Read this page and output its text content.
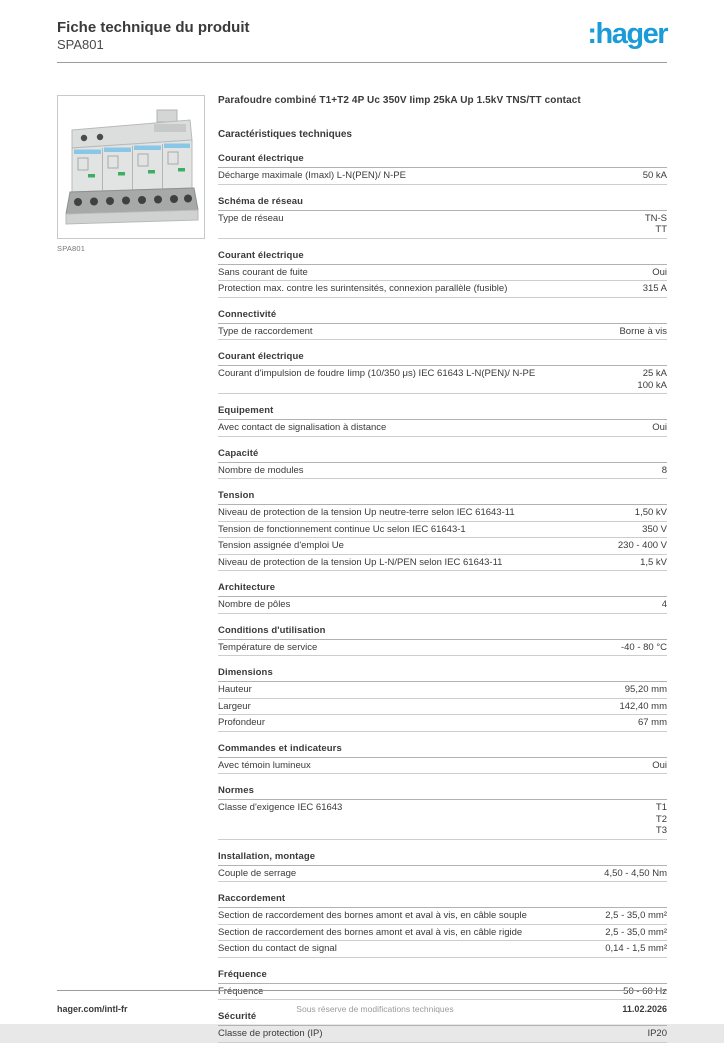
Fiche technique du produit
SPA801	:hager
SPA801
Parafoudre combiné T1+T2 4P Uc 350V Iimp 25kA Up 1.5kV TNS/TT contact
Caractéristiques techniques
Courant électrique
Décharge maximale (Imaxl) L-N(PEN)/ N-PE	50 kA
Schéma de réseau
Type de réseau	TN-S
TT
Courant électrique
Sans courant de fuite	Oui
Protection max. contre les surintensités, connexion parallèle (fusible)	315 A
Connectivité
Type de raccordement	Borne à vis
Courant électrique
Courant d'impulsion de foudre Iimp (10/350 μs) IEC 61643 L-N(PEN)/ N-PE	25 kA
100 kA
Equipement
Avec contact de signalisation à distance	Oui
Capacité
Nombre de modules	8
Tension
Niveau de protection de la tension Up neutre-terre selon IEC 61643-11	1,50 kV
Tension de fonctionnement continue Uc selon IEC 61643-1	350 V
Tension assignée d'emploi Ue	230 - 400 V
Niveau de protection de la tension Up L-N/PEN selon IEC 61643-11	1,5 kV
Architecture
Nombre de pôles	4
Conditions d'utilisation
Température de service	-40 - 80 °C
Dimensions
Hauteur	95,20 mm
Largeur	142,40 mm
Profondeur	67 mm
Commandes et indicateurs
Avec témoin lumineux	Oui
Normes
Classe d'exigence IEC 61643	T1
T2
T3
Installation, montage
Couple de serrage	4,50 - 4,50 Nm
Raccordement
Section de raccordement des bornes amont et aval à vis, en câble souple	2,5 - 35,0 mm²
Section de raccordement des bornes amont et aval à vis, en câble rigide	2,5 - 35,0 mm²
Section du contact de signal	0,14 - 1,5 mm²
Fréquence
Fréquence	50 - 60 Hz
Sécurité
Classe de protection (IP)	IP20
hager.com/intl-fr	Sous réserve de modifications techniques	11.02.2026
